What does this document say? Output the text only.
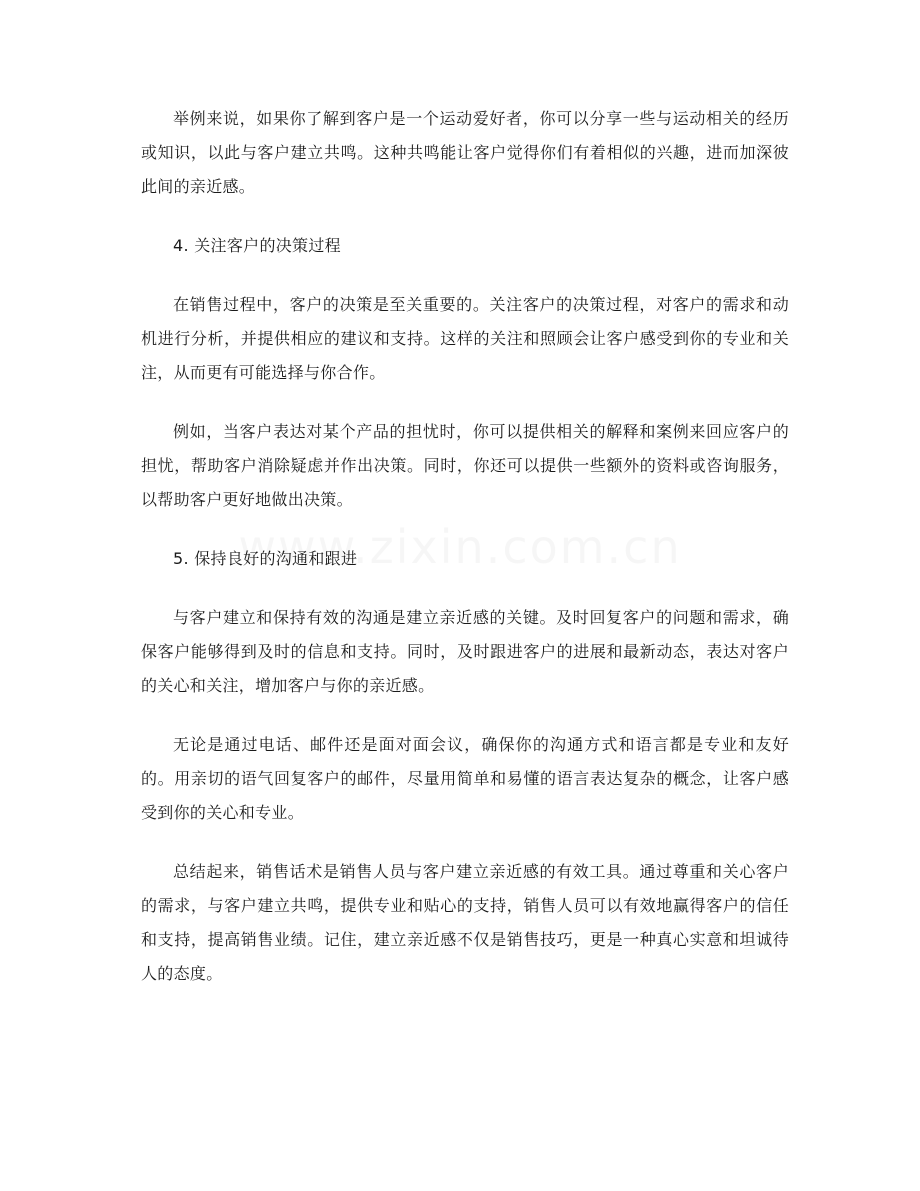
举例来说，如果你了解到客户是一个运动爱好者，你可以分享一些与运动相关的经历或知识，以此与客户建立共鸣。这种共鸣能让客户觉得你们有着相似的兴趣，进而加深彼此间的亲近感。

4. 关注客户的决策过程

在销售过程中，客户的决策是至关重要的。关注客户的决策过程，对客户的需求和动机进行分析，并提供相应的建议和支持。这样的关注和照顾会让客户感受到你的专业和关注，从而更有可能选择与你合作。

例如，当客户表达对某个产品的担忧时，你可以提供相关的解释和案例来回应客户的担忧，帮助客户消除疑虑并作出决策。同时，你还可以提供一些额外的资料或咨询服务，以帮助客户更好地做出决策。

5. 保持良好的沟通和跟进

与客户建立和保持有效的沟通是建立亲近感的关键。及时回复客户的问题和需求，确保客户能够得到及时的信息和支持。同时，及时跟进客户的进展和最新动态，表达对客户的关心和关注，增加客户与你的亲近感。

无论是通过电话、邮件还是面对面会议，确保你的沟通方式和语言都是专业和友好的。用亲切的语气回复客户的邮件，尽量用简单和易懂的语言表达复杂的概念，让客户感受到你的关心和专业。

总结起来，销售话术是销售人员与客户建立亲近感的有效工具。通过尊重和关心客户的需求，与客户建立共鸣，提供专业和贴心的支持，销售人员可以有效地赢得客户的信任和支持，提高销售业绩。记住，建立亲近感不仅是销售技巧，更是一种真心实意和坦诚待人的态度。
